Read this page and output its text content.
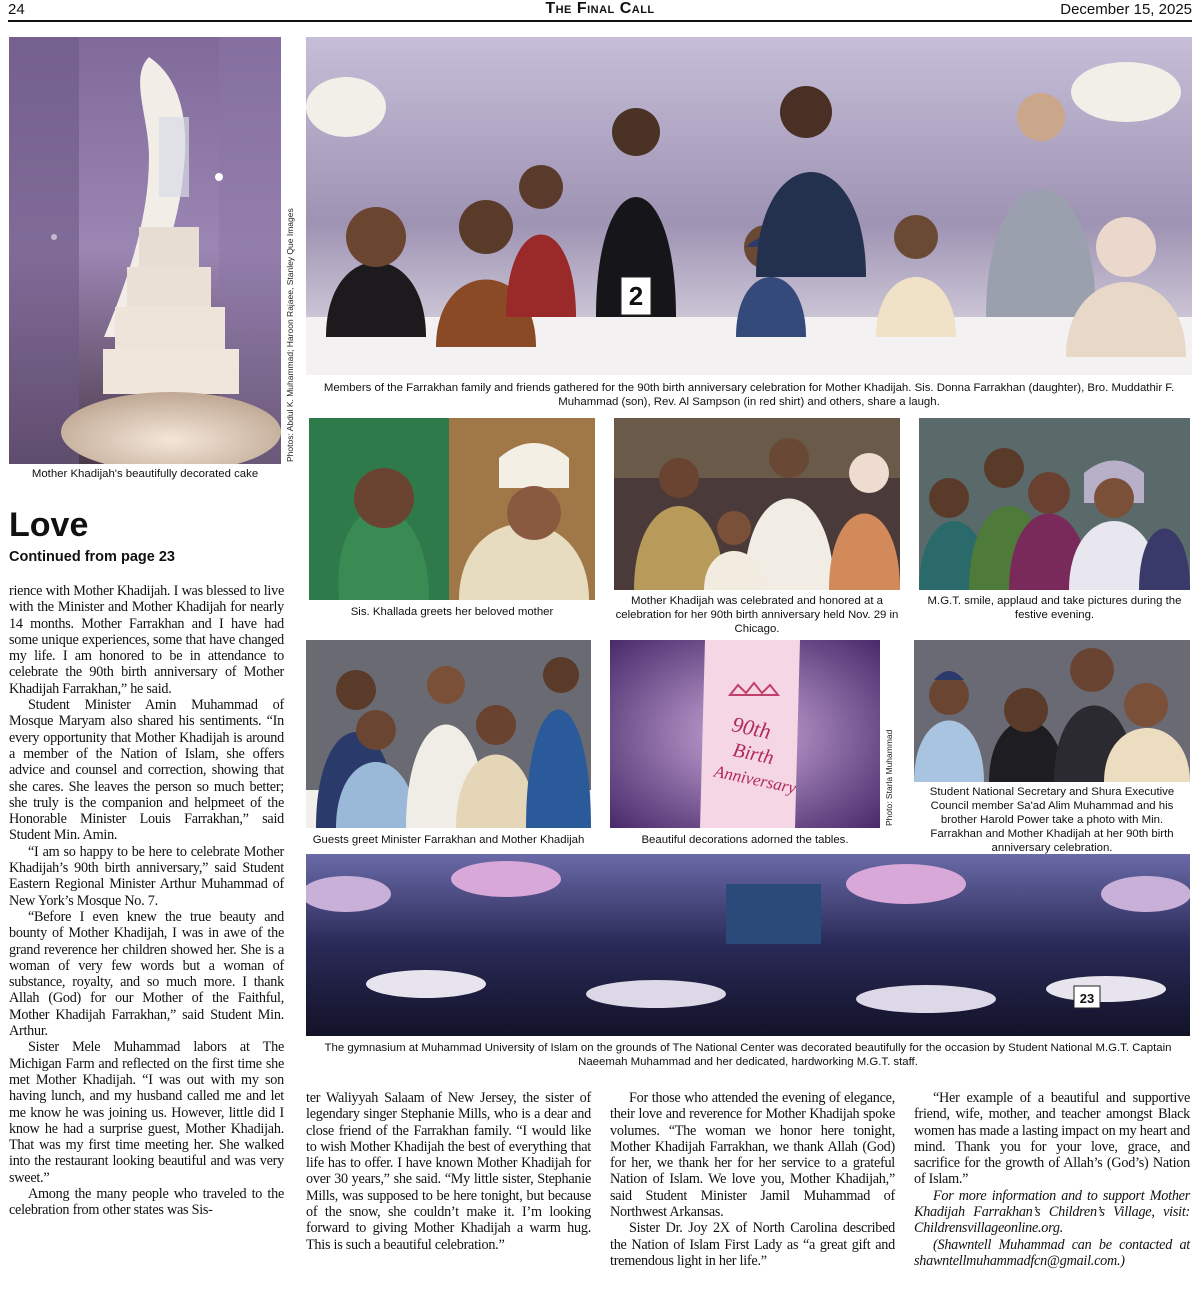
24	The Final Call	December 15, 2025
Mother Khadijah's beautifully decorated cake
Photos: Abdul K. Muhammad; Haroon Rajaee, Stanley Que Images	2
Members of the Farrakhan family and friends gathered for the 90th birth anniversary celebration for Mother Khadijah. Sis. Donna Farrakhan (daughter), Bro. Muddathir F. Muhammad (son), Rev. Al Sampson (in red shirt) and others, share a laugh.
Sis. Khallada greets her beloved mother
Mother Khadijah was celebrated and honored at a celebration for her 90th birth anniversary held Nov. 29 in Chicago.
M.G.T. smile, applaud and take pictures during the festive evening.
Guests greet Minister Farrakhan and Mother Khadijah
90th
Birth
Anniversary
Beautiful decorations adorned the tables.
Photo: Starla Muhammad	Student National Secretary and Shura Executive Council member Sa'ad Alim Muhammad and his brother Harold Power take a photo with Min. Farrakhan and Mother Khadijah at her 90th birth anniversary celebration.
23
The gymnasium at Muhammad University of Islam on the grounds of The National Center was decorated beautifully for the occasion by Student National M.G.T. Captain Naeemah Muhammad and her dedicated, hardworking M.G.T. staff.
Love
Continued from page 23

rience with Mother Khadijah. I was blessed to live with the Minister and Mother Khadijah for nearly 14 months. Mother Farrakhan and I have had some unique experiences, some that have changed my life. I am honored to be in attendance to celebrate the 90th birth anniversary of Mother Khadijah Farrakhan,” he said.

Student Minister Amin Muhammad of Mosque Maryam also shared his sentiments. “In every opportunity that Mother Khadijah is around a member of the Nation of Islam, she offers advice and counsel and correction, showing that she cares. She leaves the person so much better; she truly is the companion and helpmeet of the Honorable Minister Louis Farrakhan,” said Student Min. Amin.

“I am so happy to be here to celebrate Mother Khadijah’s 90th birth anniversary,” said Student Eastern Regional Minister Arthur Muhammad of New York’s Mosque No. 7.

“Before I even knew the true beauty and bounty of Mother Khadijah, I was in awe of the grand reverence her children showed her. She is a woman of very few words but a woman of substance, royalty, and so much more. I thank Allah (God) for our Mother of the Faithful, Mother Khadijah Farrakhan,” said Student Min. Arthur.

Sister Mele Muhammad labors at The Michigan Farm and reflected on the first time she met Mother Khadijah. “I was out with my son having lunch, and my husband called me and let me know he was joining us. However, little did I know he had a surprise guest, Mother Khadijah. That was my first time meeting her. She walked into the restaurant looking beautiful and was very sweet.”

Among the many people who traveled to the celebration from other states was Sis-

ter Waliyyah Salaam of New Jersey, the sister of legendary singer Stephanie Mills, who is a dear and close friend of the Farrakhan family. “I would like to wish Mother Khadijah the best of everything that life has to offer. I have known Mother Khadijah for over 30 years,” she said. “My little sister, Stephanie Mills, was supposed to be here tonight, but because of the snow, she couldn’t make it. I’m looking forward to giving Mother Khadijah a warm hug. This is such a beautiful celebration.”

For those who attended the evening of elegance, their love and reverence for Mother Khadijah spoke volumes. “The woman we honor here tonight, Mother Khadijah Farrakhan, we thank Allah (God) for her, we thank her for her service to a grateful Nation of Islam. We love you, Mother Khadijah,” said Student Minister Jamil Muhammad of Northwest Arkansas.

Sister Dr. Joy 2X of North Carolina described the Nation of Islam First Lady as “a great gift and tremendous light in her life.”

“Her example of a beautiful and supportive friend, wife, mother, and teacher amongst Black women has made a lasting impact on my heart and mind. Thank you for your love, grace, and sacrifice for the growth of Allah’s (God’s) Nation of Islam.”

For more information and to support Mother Khadijah Farrakhan’s Children’s Village, visit: Childrensvillageonline.org.

(Shawntell Muhammad can be contacted at shawntellmuhammadfcn@gmail.com.)
